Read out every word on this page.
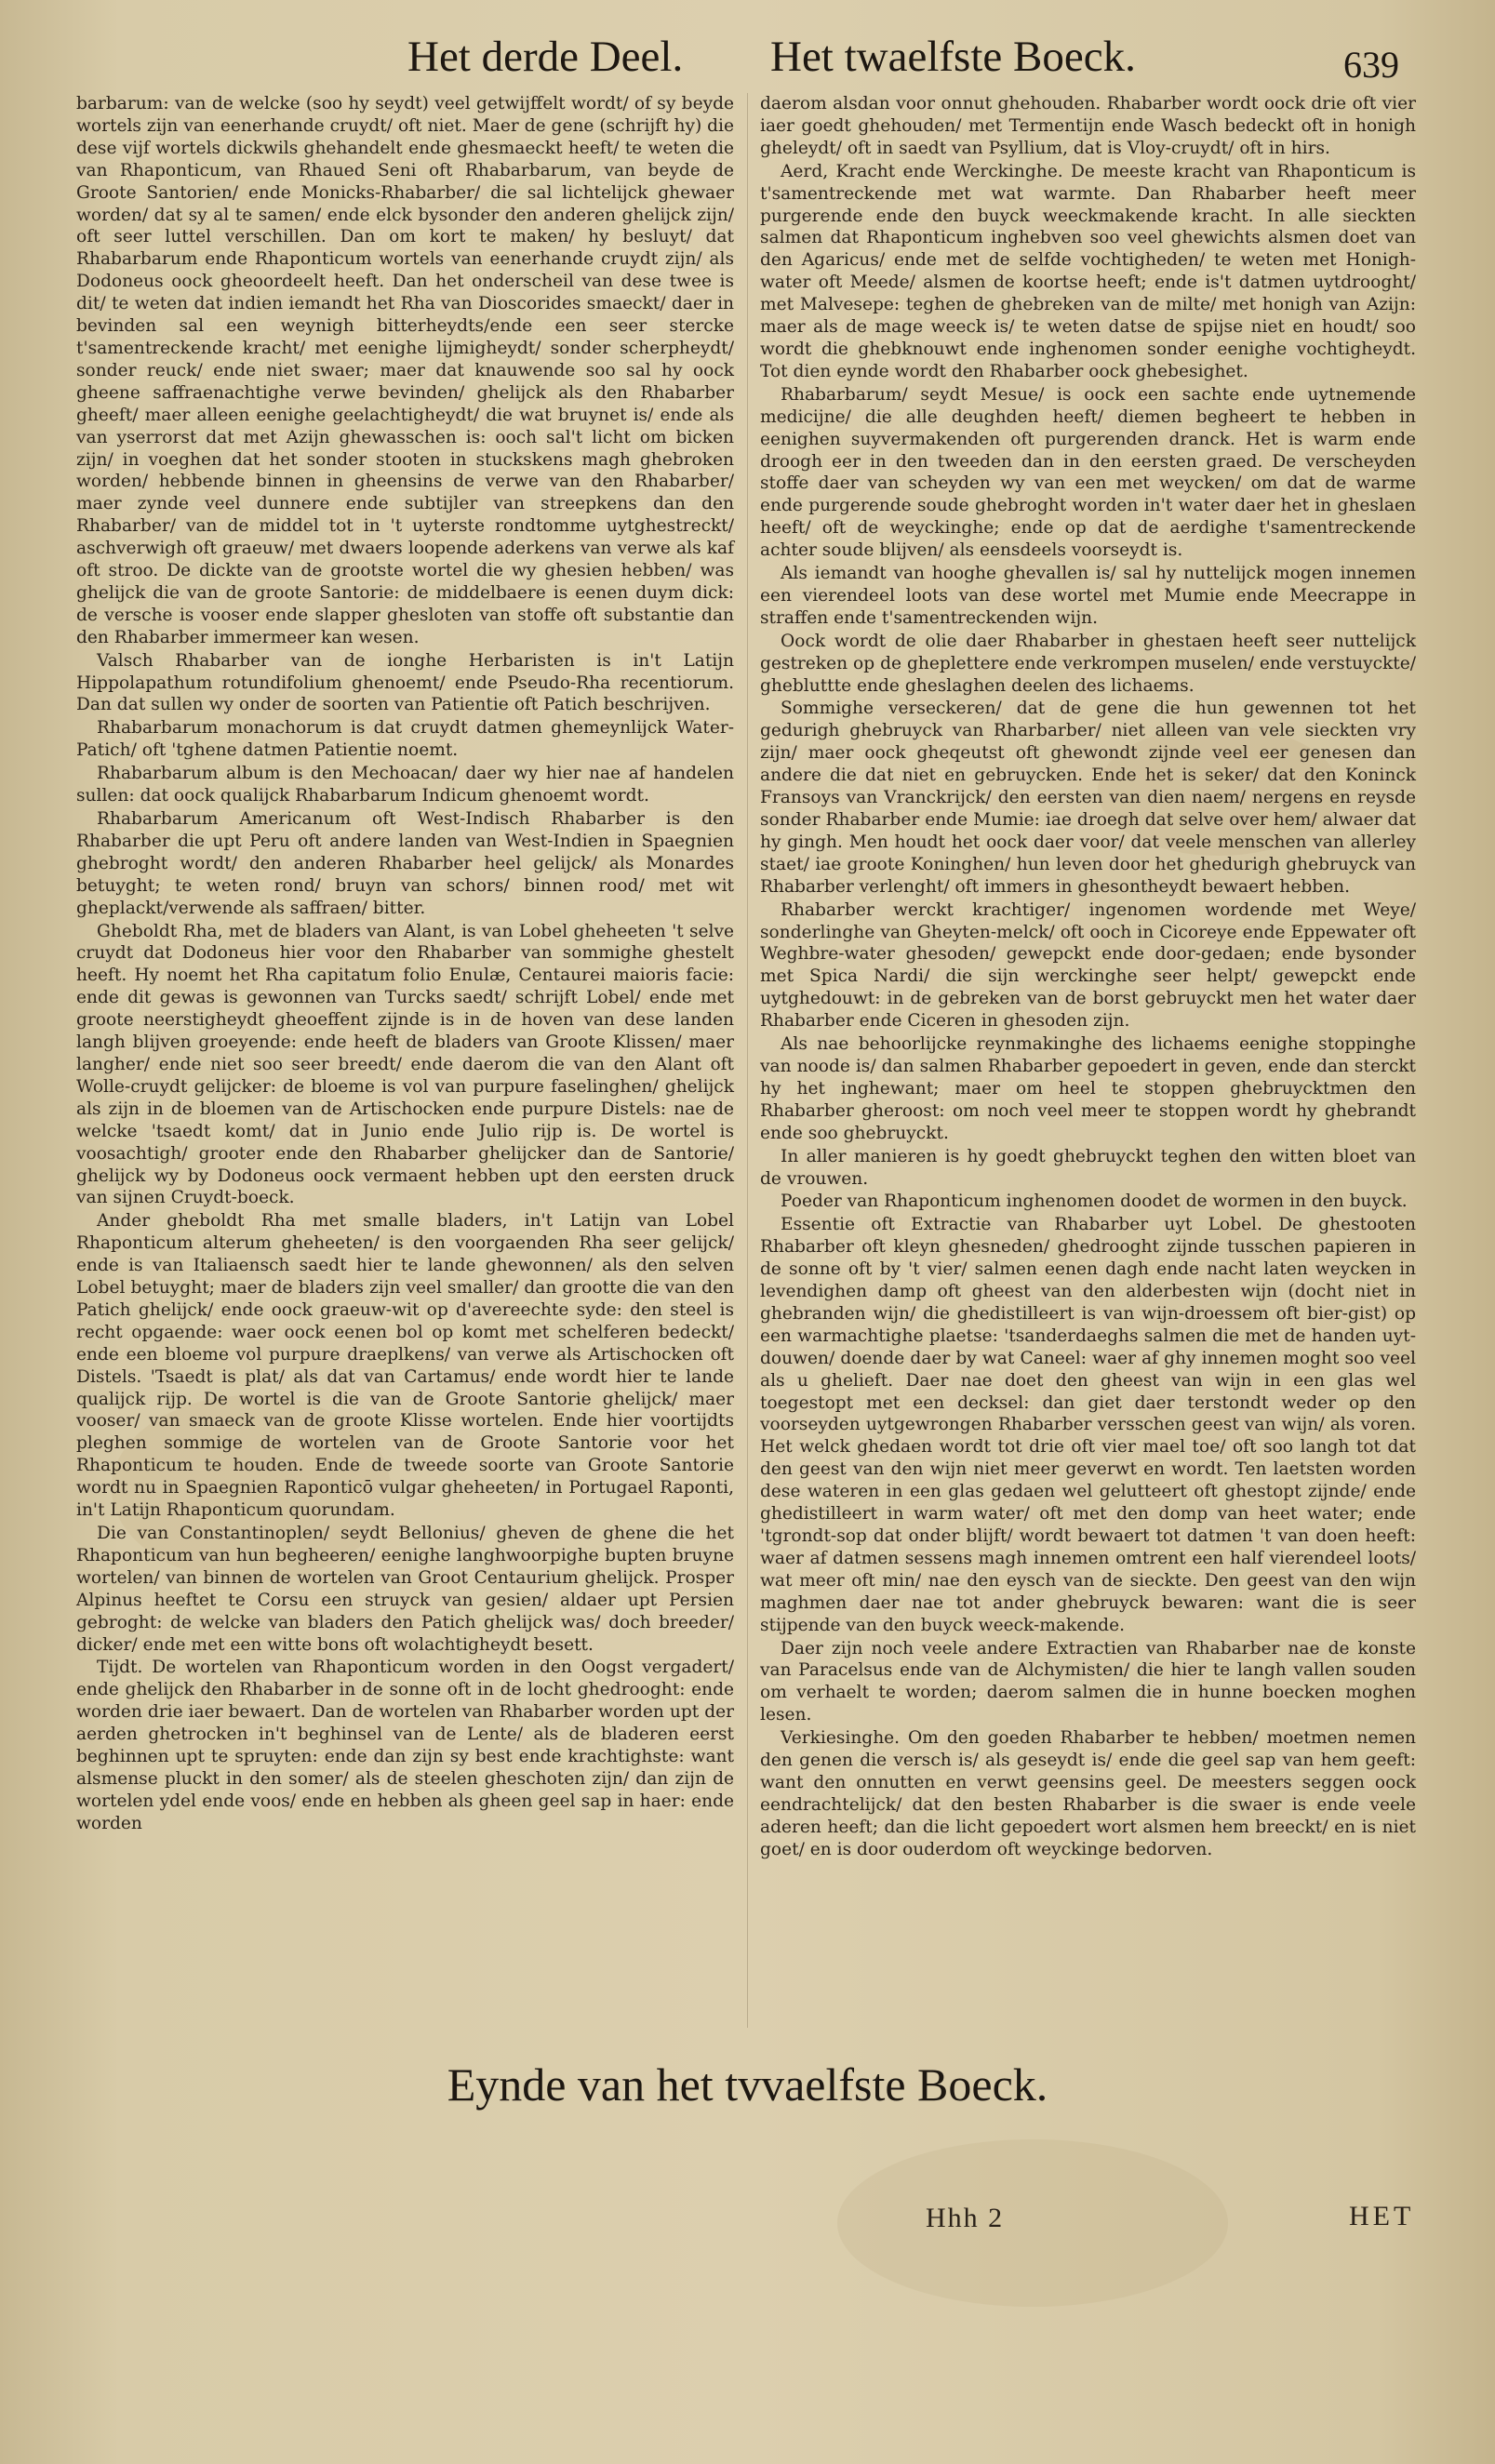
Het derde Deel. Het twaelfste Boeck.	639

barbarum: van de welcke (soo hy seydt) veel getwijffelt wordt/ of sy beyde wortels zijn van eenerhande cruydt/ oft niet. Maer de gene (schrijft hy) die dese vijf wortels dickwils ghehandelt ende ghesmaeckt heeft/ te weten die van Rhaponticum, van Rhaued Seni oft Rhabarbarum, van beyde de Groote Santorien/ ende Monicks-Rhabarber/ die sal lichtelijck ghewaer worden/ dat sy al te samen/ ende elck bysonder den anderen ghelijck zijn/ oft seer luttel verschillen. Dan om kort te maken/ hy besluyt/ dat Rhabarbarum ende Rhaponticum wortels van eenerhande cruydt zijn/ als Dodoneus oock gheoordeelt heeft. Dan het onderscheil van dese twee is dit/ te weten dat indien iemandt het Rha van Dioscorides smaeckt/ daer in bevinden sal een weynigh bitterheydts/ende een seer stercke t'samentreckende kracht/ met eenighe lijmigheydt/ sonder scherpheydt/ sonder reuck/ ende niet swaer; maer dat knauwende soo sal hy oock gheene saffraenachtighe verwe bevinden/ ghelijck als den Rhabarber gheeft/ maer alleen eenighe geelachtigheydt/ die wat bruynet is/ ende als van yserrorst dat met Azijn ghewasschen is: ooch sal't licht om bicken zijn/ in voeghen dat het sonder stooten in stuckskens magh ghebroken worden/ hebbende binnen in gheensins de verwe van den Rhabarber/ maer zynde veel dunnere ende subtijler van streepkens dan den Rhabarber/ van de middel tot in 't uyterste rondtomme uytghestreckt/ aschverwigh oft graeuw/ met dwaers loopende aderkens van verwe als kaf oft stroo. De dickte van de grootste wortel die wy ghesien hebben/ was ghelijck die van de groote Santorie: de middelbaere is eenen duym dick: de versche is vooser ende slapper ghesloten van stoffe oft substantie dan den Rhabarber immermeer kan wesen.

Valsch Rhabarber van de ionghe Herbaristen is in't Latijn Hippolapathum rotundifolium ghenoemt/ ende Pseudo-Rha recentiorum. Dan dat sullen wy onder de soorten van Patientie oft Patich beschrijven.

Rhabarbarum monachorum is dat cruydt datmen ghemeynlijck Water-Patich/ oft 'tghene datmen Patientie noemt.

Rhabarbarum album is den Mechoacan/ daer wy hier nae af handelen sullen: dat oock qualijck Rhabarbarum Indicum ghenoemt wordt.

Rhabarbarum Americanum oft West-Indisch Rhabarber is den Rhabarber die upt Peru oft andere landen van West-Indien in Spaegnien ghebroght wordt/ den anderen Rhabarber heel gelijck/ als Monardes betuyght; te weten rond/ bruyn van schors/ binnen rood/ met wit gheplackt/verwende als saffraen/ bitter.

Gheboldt Rha, met de bladers van Alant, is van Lobel gheheeten 't selve cruydt dat Dodoneus hier voor den Rhabarber van sommighe ghestelt heeft. Hy noemt het Rha capitatum folio Enulæ, Centaurei maioris facie: ende dit gewas is gewonnen van Turcks saedt/ schrijft Lobel/ ende met groote neerstigheydt gheoeffent zijnde is in de hoven van dese landen langh blijven groeyende: ende heeft de bladers van Groote Klissen/ maer langher/ ende niet soo seer breedt/ ende daerom die van den Alant oft Wolle-cruydt gelijcker: de bloeme is vol van purpure faselinghen/ ghelijck als zijn in de bloemen van de Artischocken ende purpure Distels: nae de welcke 'tsaedt komt/ dat in Junio ende Julio rijp is. De wortel is voosachtigh/ grooter ende den Rhabarber ghelijcker dan de Santorie/ ghelijck wy by Dodoneus oock vermaent hebben upt den eersten druck van sijnen Cruydt-boeck.

Ander gheboldt Rha met smalle bladers, in't Latijn van Lobel Rhaponticum alterum gheheeten/ is den voorgaenden Rha seer gelijck/ ende is van Italiaensch saedt hier te lande ghewonnen/ als den selven Lobel betuyght; maer de bladers zijn veel smaller/ dan grootte die van den Patich ghelijck/ ende oock graeuw-wit op d'avereechte syde: den steel is recht opgaende: waer oock eenen bol op komt met schelferen bedeckt/ ende een bloeme vol purpure draeplkens/ van verwe als Artischocken oft Distels. 'Tsaedt is plat/ als dat van Cartamus/ ende wordt hier te lande qualijck rijp. De wortel is die van de Groote Santorie ghelijck/ maer vooser/ van smaeck van de groote Klisse wortelen. Ende hier voortijdts pleghen sommige de wortelen van de Groote Santorie voor het Rhaponticum te houden. Ende de tweede soorte van Groote Santorie wordt nu in Spaegnien Raponticō vulgar gheheeten/ in Portugael Raponti, in't Latijn Rhaponticum quorundam.

Die van Constantinoplen/ seydt Bellonius/ gheven de ghene die het Rhaponticum van hun begheeren/ eenighe langhwoorpighe bupten bruyne wortelen/ van binnen de wortelen van Groot Centaurium ghelijck. Prosper Alpinus heeftet te Corsu een struyck van gesien/ aldaer upt Persien gebroght: de welcke van bladers den Patich ghelijck was/ doch breeder/ dicker/ ende met een witte bons oft wolachtigheydt besett.

Tijdt. De wortelen van Rhaponticum worden in den Oogst vergadert/ ende ghelijck den Rhabarber in de sonne oft in de locht ghedrooght: ende worden drie iaer bewaert. Dan de wortelen van Rhabarber worden upt der aerden ghetrocken in't beghinsel van de Lente/ als de bladeren eerst beghinnen upt te spruyten: ende dan zijn sy best ende krachtighste: want alsmense pluckt in den somer/ als de steelen gheschoten zijn/ dan zijn de wortelen ydel ende voos/ ende en hebben als gheen geel sap in haer: ende worden

daerom alsdan voor onnut ghehouden. Rhabarber wordt oock drie oft vier iaer goedt ghehouden/ met Termentijn ende Wasch bedeckt oft in honigh gheleydt/ oft in saedt van Psyllium, dat is Vloy-cruydt/ oft in hirs.

Aerd, Kracht ende Werckinghe. De meeste kracht van Rhaponticum is t'samentreckende met wat warmte. Dan Rhabarber heeft meer purgerende ende den buyck weeckmakende kracht. In alle sieckten salmen dat Rhaponticum inghebven soo veel ghewichts alsmen doet van den Agaricus/ ende met de selfde vochtigheden/ te weten met Honigh-water oft Meede/ alsmen de koortse heeft; ende is't datmen uytdrooght/ met Malvesepe: teghen de ghebreken van de milte/ met honigh van Azijn: maer als de mage weeck is/ te weten datse de spijse niet en houdt/ soo wordt die ghebknouwt ende inghenomen sonder eenighe vochtigheydt. Tot dien eynde wordt den Rhabarber oock ghebesighet.

Rhabarbarum/ seydt Mesue/ is oock een sachte ende uytnemende medicijne/ die alle deughden heeft/ diemen begheert te hebben in eenighen suyvermakenden oft purgerenden dranck. Het is warm ende droogh eer in den tweeden dan in den eersten graed. De verscheyden stoffe daer van scheyden wy van een met weycken/ om dat de warme ende purgerende soude ghebroght worden in't water daer het in gheslaen heeft/ oft de weyckinghe; ende op dat de aerdighe t'samentreckende achter soude blijven/ als eensdeels voorseydt is.

Als iemandt van hooghe ghevallen is/ sal hy nuttelijck mogen innemen een vierendeel loots van dese wortel met Mumie ende Meecrappe in straffen ende t'samentreckenden wijn.

Oock wordt de olie daer Rhabarber in ghestaen heeft seer nuttelijck gestreken op de gheplettere ende verkrompen muselen/ ende verstuyckte/ ghebluttte ende gheslaghen deelen des lichaems.

Sommighe verseckeren/ dat de gene die hun gewennen tot het gedurigh ghebruyck van Rharbarber/ niet alleen van vele sieckten vry zijn/ maer oock gheqeutst oft ghewondt zijnde veel eer genesen dan andere die dat niet en gebruycken. Ende het is seker/ dat den Koninck Fransoys van Vranckrijck/ den eersten van dien naem/ nergens en reysde sonder Rhabarber ende Mumie: iae droegh dat selve over hem/ alwaer dat hy gingh. Men houdt het oock daer voor/ dat veele menschen van allerley staet/ iae groote Koninghen/ hun leven door het ghedurigh ghebruyck van Rhabarber verlenght/ oft immers in ghesontheydt bewaert hebben.

Rhabarber werckt krachtiger/ ingenomen wordende met Weye/ sonderlinghe van Gheyten-melck/ oft ooch in Cicoreye ende Eppewater oft Weghbre-water ghesoden/ gewepckt ende door-gedaen; ende bysonder met Spica Nardi/ die sijn werckinghe seer helpt/ gewepckt ende uytghedouwt: in de gebreken van de borst gebruyckt men het water daer Rhabarber ende Ciceren in ghesoden zijn.

Als nae behoorlijcke reynmakinghe des lichaems eenighe stoppinghe van noode is/ dan salmen Rhabarber gepoedert in geven, ende dan sterckt hy het inghewant; maer om heel te stoppen ghebruycktmen den Rhabarber gheroost: om noch veel meer te stoppen wordt hy ghebrandt ende soo ghebruyckt.

In aller manieren is hy goedt ghebruyckt teghen den witten bloet van de vrouwen.

Poeder van Rhaponticum inghenomen doodet de wormen in den buyck.

Essentie oft Extractie van Rhabarber uyt Lobel. De ghestooten Rhabarber oft kleyn ghesneden/ ghedrooght zijnde tusschen papieren in de sonne oft by 't vier/ salmen eenen dagh ende nacht laten weycken in levendighen damp oft gheest van den alderbesten wijn (docht niet in ghebranden wijn/ die ghedistilleert is van wijn-droessem oft bier-gist) op een warmachtighe plaetse: 'tsanderdaeghs salmen die met de handen uyt-douwen/ doende daer by wat Caneel: waer af ghy innemen moght soo veel als u ghelieft. Daer nae doet den gheest van wijn in een glas wel toegestopt met een decksel: dan giet daer terstondt weder op den voorseyden uytgewrongen Rhabarber versschen geest van wijn/ als voren. Het welck ghedaen wordt tot drie oft vier mael toe/ oft soo langh tot dat den geest van den wijn niet meer geverwt en wordt. Ten laetsten worden dese wateren in een glas gedaen wel gelutteert oft ghestopt zijnde/ ende ghedistilleert in warm water/ oft met den domp van heet water; ende 'tgrondt-sop dat onder blijft/ wordt bewaert tot datmen 't van doen heeft: waer af datmen sessens magh innemen omtrent een half vierendeel loots/ wat meer oft min/ nae den eysch van de sieckte. Den geest van den wijn maghmen daer nae tot ander ghebruyck bewaren: want die is seer stijpende van den buyck weeck-makende.

Daer zijn noch veele andere Extractien van Rhabarber nae de konste van Paracelsus ende van de Alchymisten/ die hier te langh vallen souden om verhaelt te worden; daerom salmen die in hunne boecken moghen lesen.

Verkiesinghe. Om den goeden Rhabarber te hebben/ moetmen nemen den genen die versch is/ als geseydt is/ ende die geel sap van hem geeft: want den onnutten en verwt geensins geel. De meesters seggen oock eendrachtelijck/ dat den besten Rhabarber is die swaer is ende veele aderen heeft; dan die licht gepoedert wort alsmen hem breeckt/ en is niet goet/ en is door ouderdom oft weyckinge bedorven.

Eynde van het tvvaelfste Boeck.
Hhh 2	HET
